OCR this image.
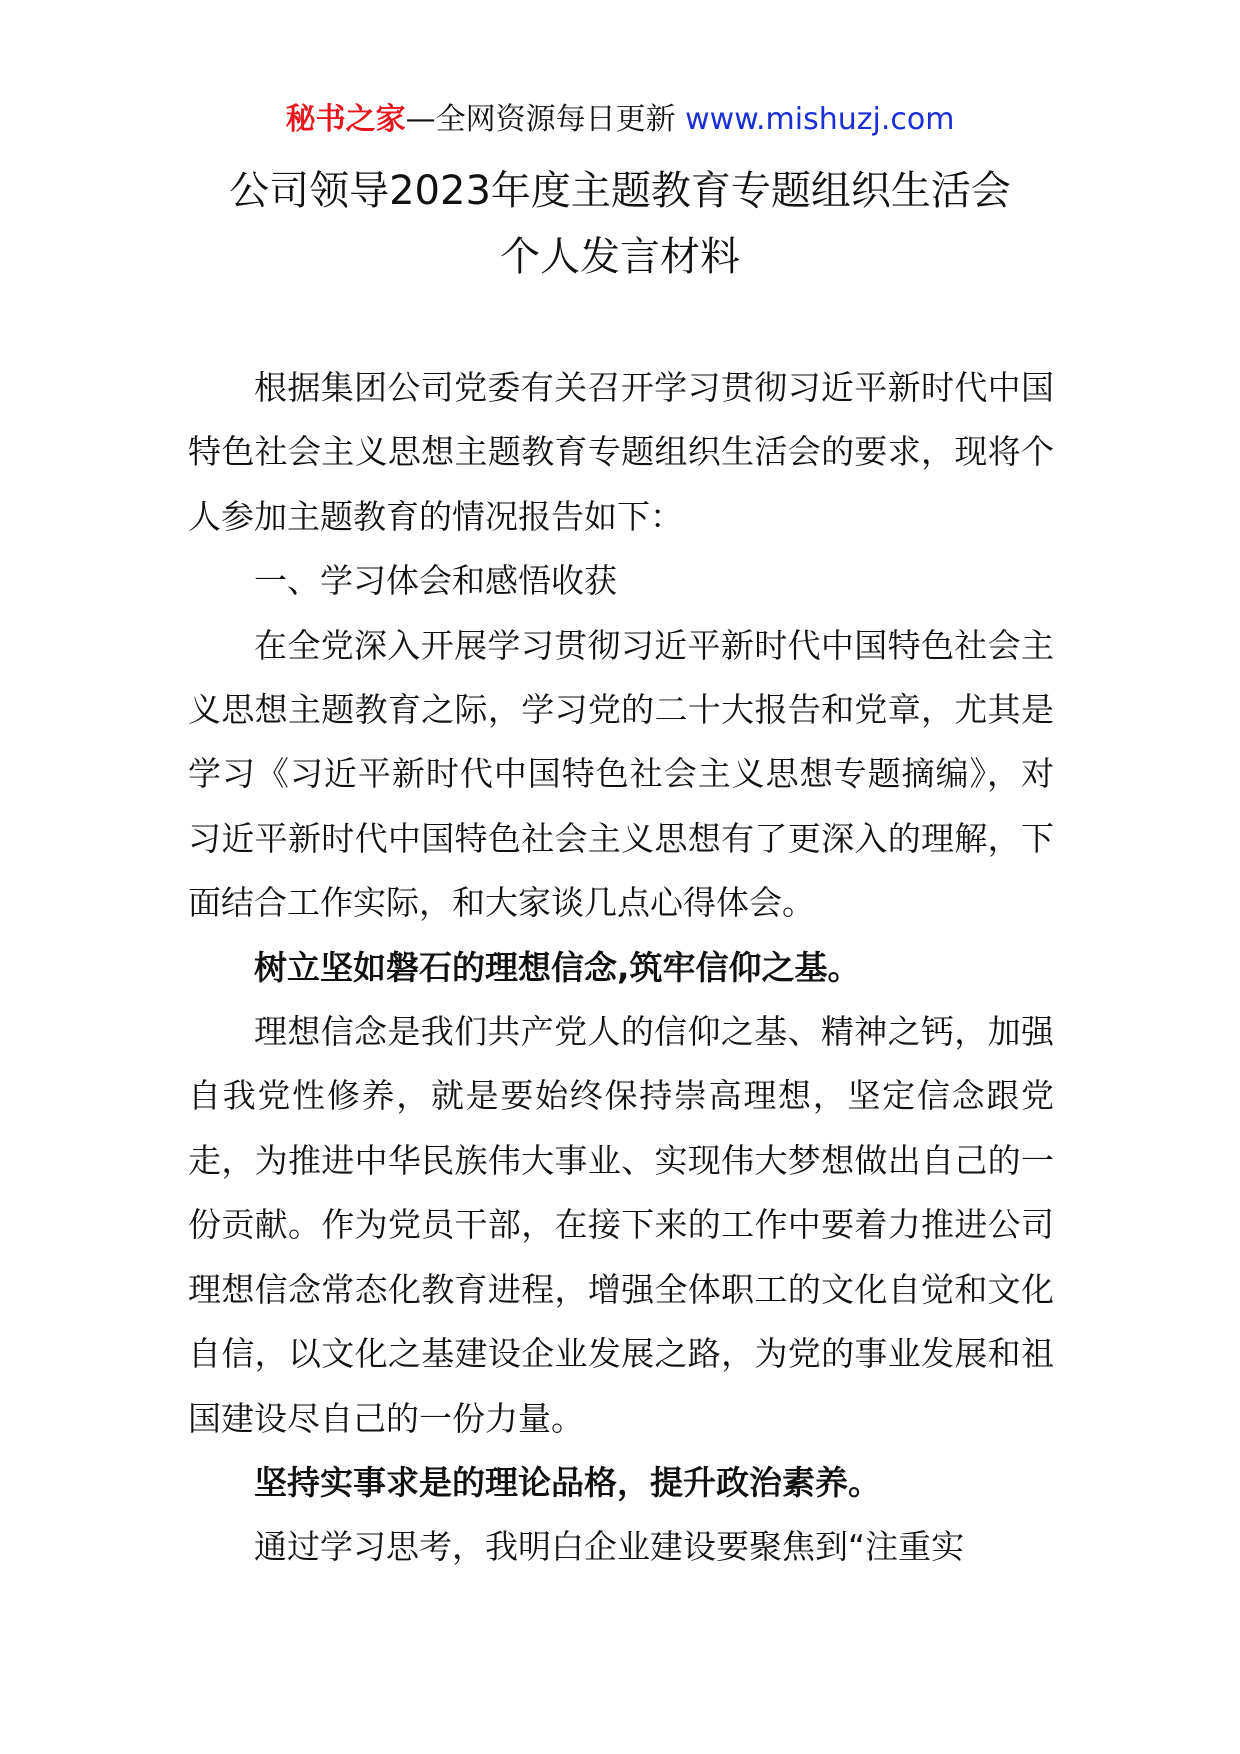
秘书之家—全网资源每日更新 www.mishuzj.com
公司领导2023年度主题教育专题组织生活会
个人发言材料

根据集团公司党委有关召开学习贯彻习近平新时代中国特色社会主义思想主题教育专题组织生活会的要求，现将个人参加主题教育的情况报告如下：

一、学习体会和感悟收获

在全党深入开展学习贯彻习近平新时代中国特色社会主义思想主题教育之际，学习党的二十大报告和党章，尤其是学习《习近平新时代中国特色社会主义思想专题摘编》，对习近平新时代中国特色社会主义思想有了更深入的理解，下面结合工作实际，和大家谈几点心得体会。

树立坚如磐石的理想信念,筑牢信仰之基。

理想信念是我们共产党人的信仰之基、精神之钙，加强自我党性修养，就是要始终保持崇高理想，坚定信念跟党走，为推进中华民族伟大事业、实现伟大梦想做出自己的一份贡献。作为党员干部，在接下来的工作中要着力推进公司理想信念常态化教育进程，增强全体职工的文化自觉和文化自信，以文化之基建设企业发展之路，为党的事业发展和祖国建设尽自己的一份力量。

坚持实事求是的理论品格，提升政治素养。

通过学习思考，我明白企业建设要聚焦到“注重实
